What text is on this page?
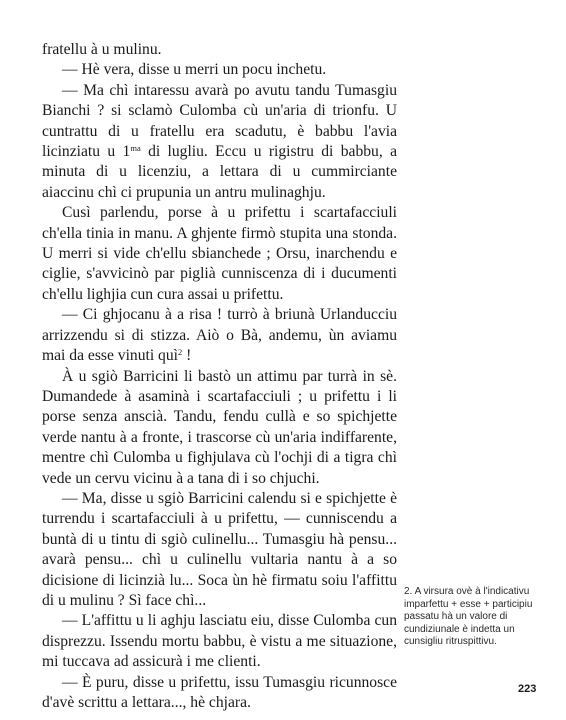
fratellu à u mulinu.

— Hè vera, disse u merri un pocu inchetu.

— Ma chì intaressu avarà po avutu tandu Tumasgiu Bianchi ? si sclamò Culomba cù un'aria di trionfu. U cuntrattu di u fratellu era scadutu, è babbu l'avia licinziatu u $1^{ma}$ di lugliu. Eccu u rigistru di babbu, a minuta di u licenziu, a lettara di u cummirciante aiaccinu chì ci prupunia un antru mulinaghju.

Cusì parlendu, porse à u prifettu i scartafacciuli ch'ella tinia in manu. A ghjente firmò stupita una stonda. U merri si vide ch'ellu sbianchede ; Orsu, inarchendu e ciglie, s'avvicinò par piglià cunniscenza di i ducumenti ch'ellu lighjia cun cura assai u prifettu.

— Ci ghjocanu à a risa ! turrò à briunà Urlanducciu arrizzendu si di stizza. Aiò o Bà, andemu, ùn aviamu mai da esse vinuti quì$^2$ !

À u sgiò Barricini li bastò un attimu par turrà in sè. Dumandede à asaminà i scartafacciuli ; u prifettu i li porse senza anscià. Tandu, fendu cullà e so spichjette verde nantu à a fronte, i trascorse cù un'aria indiffarente, mentre chì Culomba u fighjulava cù l'ochji di a tigra chì vede un cervu vicinu à a tana di i so chjuchi.

— Ma, disse u sgiò Barricini calendu si e spichjette è turrendu i scartafacciuli à u prifettu, — cunniscendu a buntà di u tintu di sgiò culinellu... Tumasgiu hà pensu... avarà pensu... chì u culinellu vultaria nantu à a so dicisione di licinzià lu... Soca ùn hè firmatu soiu l'affittu di u mulinu ? Sì face chì...

— L'affittu u li aghju lasciatu eiu, disse Culomba cun disprezzu. Issendu mortu babbu, è vistu a me situazione, mi tuccava ad assicurà i me clienti.

— È puru, disse u prifettu, issu Tumasgiu ricunnosce d'avè scrittu a lettara..., hè chjara.

2. A virsura ovè à l'indicativu imparfettu + esse + participiu passatu hà un valore di cundiziunale è indetta un cunsigliu ritruspittivu.
223
